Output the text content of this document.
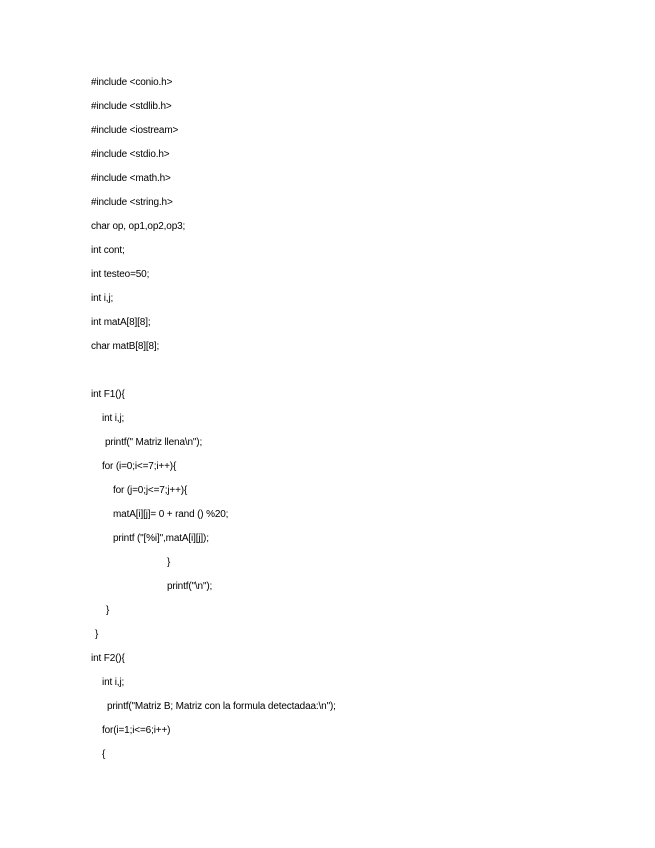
#include <conio.h>
#include <stdlib.h>
#include <iostream>
#include <stdio.h>
#include <math.h>
#include <string.h>
char op, op1,op2,op3;
int cont;
int testeo=50;
int i,j;
int matA[8][8];
char matB[8][8];
int F1(){
int i,j;
printf(" Matriz llena\n");
for (i=0;i<=7;i++){
for (j=0;j<=7;j++){
matA[i][j]= 0 + rand () %20;
printf ("[%i]",matA[i][j]);
}
printf("\n");
}
}
int F2(){
int i,j;
printf("Matriz B; Matriz con la formula detectadaa:\n");
for(i=1;i<=6;i++)
{
